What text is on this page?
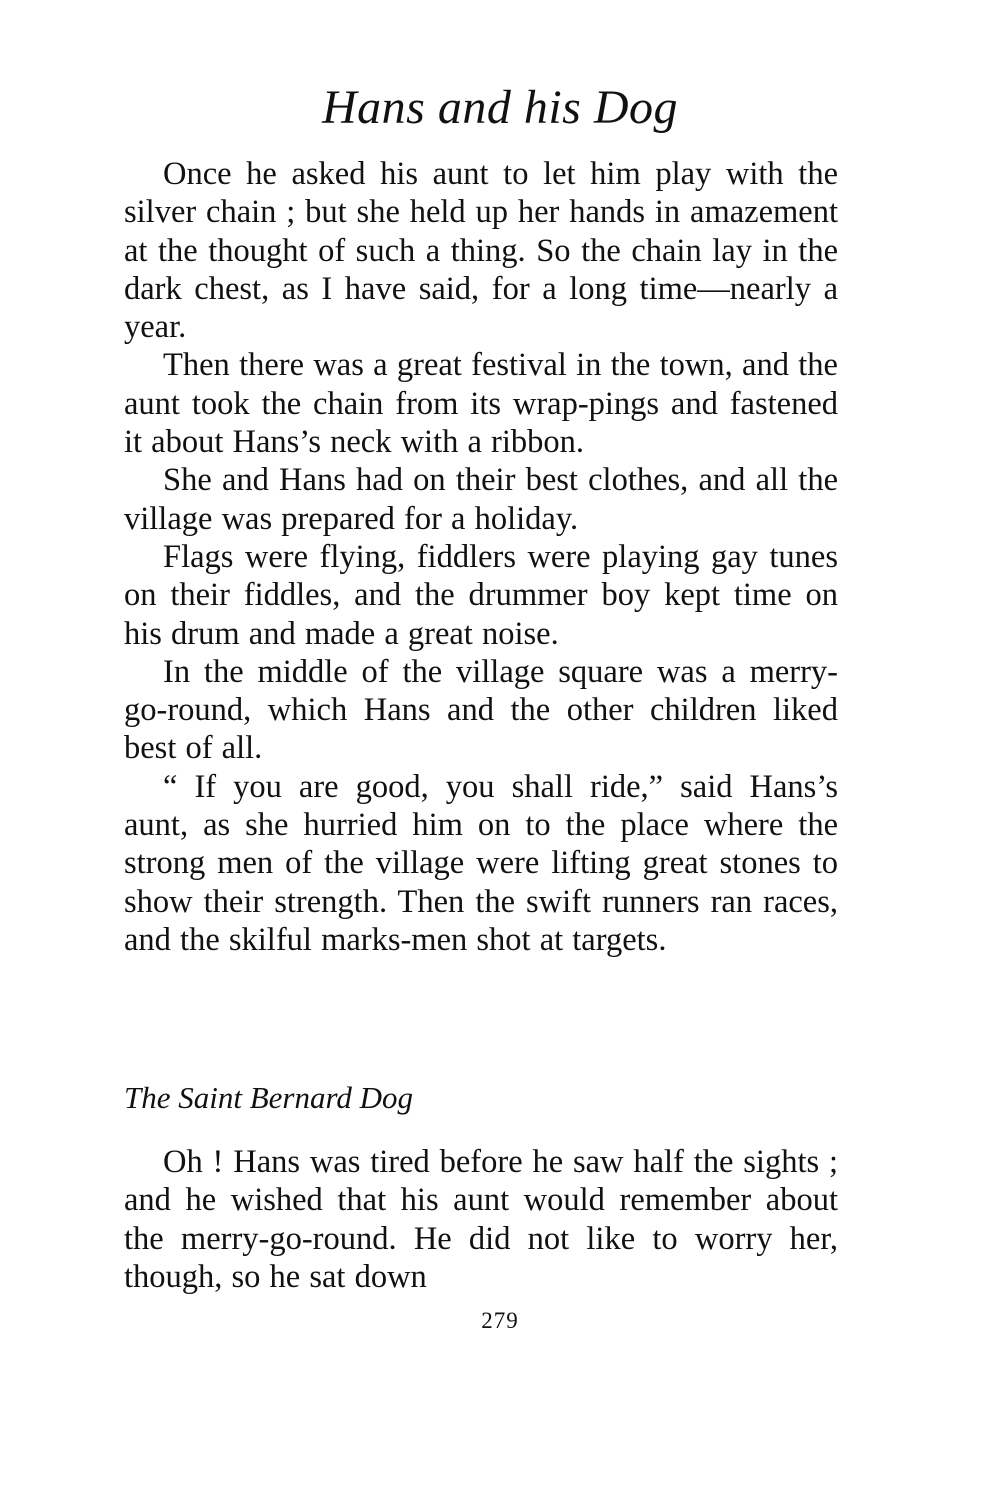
Hans and his Dog

Once he asked his aunt to let him play with the silver chain ; but she held up her hands in amazement at the thought of such a thing. So the chain lay in the dark chest, as I have said, for a long time—nearly a year.

Then there was a great festival in the town, and the aunt took the chain from its wrap-pings and fastened it about Hans’s neck with a ribbon.

She and Hans had on their best clothes, and all the village was prepared for a holiday.

Flags were flying, fiddlers were playing gay tunes on their fiddles, and the drummer boy kept time on his drum and made a great noise.

In the middle of the village square was a merry-go-round, which Hans and the other children liked best of all.

“ If you are good, you shall ride,” said Hans’s aunt, as she hurried him on to the place where the strong men of the village were lifting great stones to show their strength. Then the swift runners ran races, and the skilful marks-men shot at targets.

The Saint Bernard Dog

Oh ! Hans was tired before he saw half the sights ; and he wished that his aunt would remember about the merry-go-round. He did not like to worry her, though, so he sat down

279
